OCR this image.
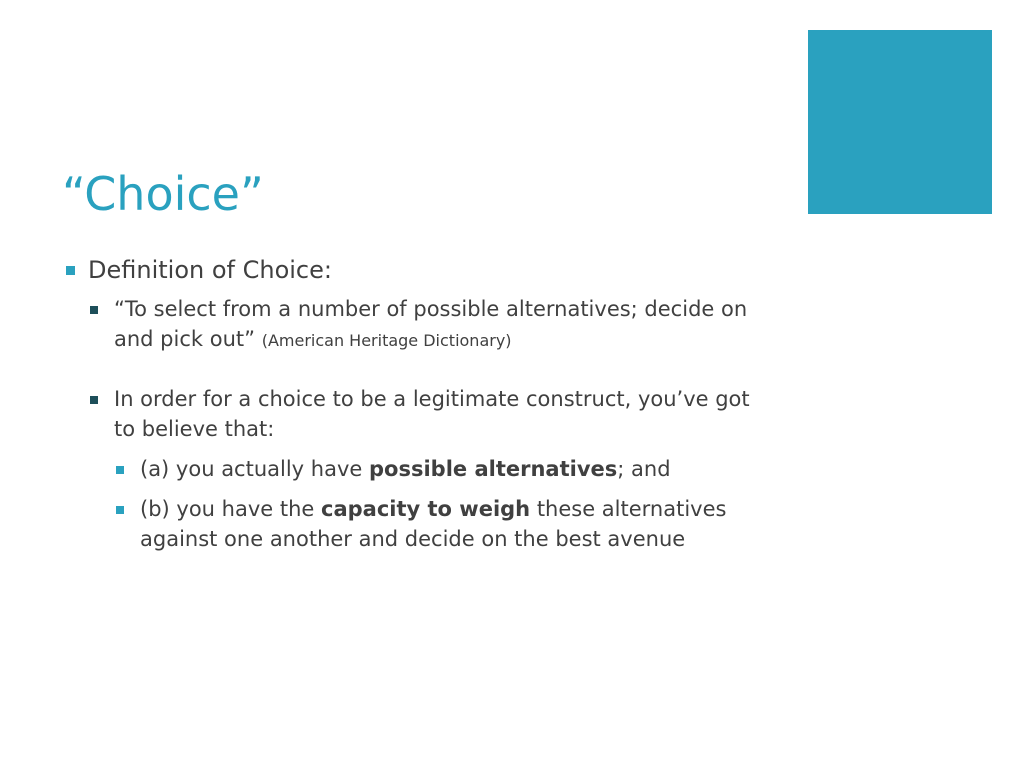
“Choice”
Definition of Choice:
“To select from a number of possible alternatives; decide on and pick out” (American Heritage Dictionary)
In order for a choice to be a legitimate construct, you’ve got to believe that:
(a) you actually have possible alternatives; and
(b) you have the capacity to weigh these alternatives against one another and decide on the best avenue
